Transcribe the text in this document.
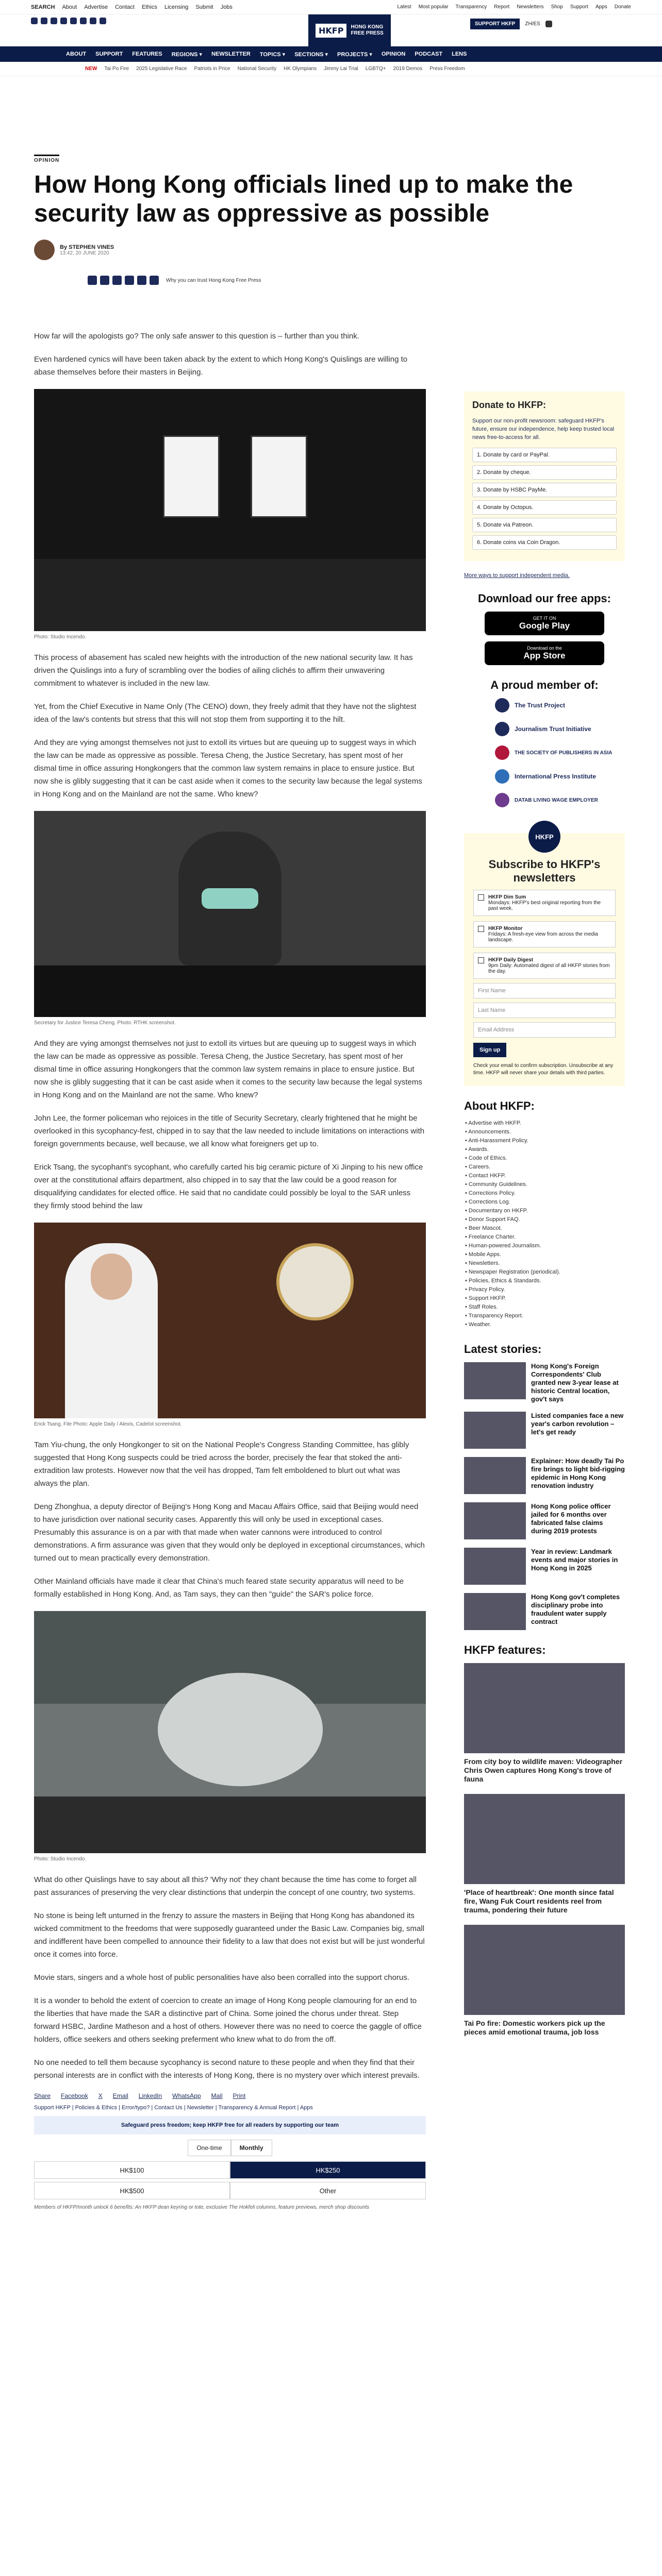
SEARCH About Advertise Contact Ethics Licensing Submit Jobs	Latest Most popular Transparency Report Newsletters Shop Support Apps Donate
HKFP	HONG KONG
FREE PRESS
SUPPORT HKFP	ZH/ES
ABOUT SUPPORT FEATURES REGIONS ▾ NEWSLETTER TOPICS ▾ SECTIONS ▾ PROJECTS ▾ OPINION PODCAST LENS
NEW Tai Po Fire 2025 Legislative Race Patriots in Price National Security HK Olympians Jimmy Lai Trial LGBTQ+ 2019 Demos Press Freedom
OPINION
How Hong Kong officials lined up to make the security law as oppressive as possible
By STEPHEN VINES
13:42, 20 JUNE 2020
Why you can trust Hong Kong Free Press

How far will the apologists go? The only safe answer to this question is – further than you think.

Even hardened cynics will have been taken aback by the extent to which Hong Kong's Quislings are willing to abase themselves before their masters in Beijing.

Photo: Studio Incendo.

This process of abasement has scaled new heights with the introduction of the new national security law. It has driven the Quislings into a fury of scrambling over the bodies of ailing clichés to affirm their unwavering commitment to whatever is included in the new law.

Yet, from the Chief Executive in Name Only (The CENO) down, they freely admit that they have not the slightest idea of the law's contents but stress that this will not stop them from supporting it to the hilt.

And they are vying amongst themselves not just to extoll its virtues but are queuing up to suggest ways in which the law can be made as oppressive as possible. Teresa Cheng, the Justice Secretary, has spent most of her dismal time in office assuring Hongkongers that the common law system remains in place to ensure justice. But now she is glibly suggesting that it can be cast aside when it comes to the security law because the legal systems in Hong Kong and on the Mainland are not the same. Who knew?

Secretary for Justice Teresa Cheng. Photo: RTHK screenshot.

And they are vying amongst themselves not just to extoll its virtues but are queuing up to suggest ways in which the law can be made as oppressive as possible. Teresa Cheng, the Justice Secretary, has spent most of her dismal time in office assuring Hongkongers that the common law system remains in place to ensure justice. But now she is glibly suggesting that it can be cast aside when it comes to the security law because the legal systems in Hong Kong and on the Mainland are not the same. Who knew?

John Lee, the former policeman who rejoices in the title of Security Secretary, clearly frightened that he might be overlooked in this sycophancy-fest, chipped in to say that the law needed to include limitations on interactions with foreign governments because, well because, we all know what foreigners get up to.

Erick Tsang, the sycophant's sycophant, who carefully carted his big ceramic picture of Xi Jinping to his new office over at the constitutional affairs department, also chipped in to say that the law could be a good reason for disqualifying candidates for elected office. He said that no candidate could possibly be loyal to the SAR unless they firmly stood behind the law

Erick Tsang. File Photo: Apple Daily / Alexis, Cadelot screenshot.

Tam Yiu-chung, the only Hongkonger to sit on the National People's Congress Standing Committee, has glibly suggested that Hong Kong suspects could be tried across the border, precisely the fear that stoked the anti-extradition law protests. However now that the veil has dropped, Tam felt emboldened to blurt out what was always the plan.

Deng Zhonghua, a deputy director of Beijing's Hong Kong and Macau Affairs Office, said that Beijing would need to have jurisdiction over national security cases. Apparently this will only be used in exceptional cases. Presumably this assurance is on a par with that made when water cannons were introduced to control demonstrations. A firm assurance was given that they would only be deployed in exceptional circumstances, which turned out to mean practically every demonstration.

Other Mainland officials have made it clear that China's much feared state security apparatus will need to be formally established in Hong Kong. And, as Tam says, they can then "guide" the SAR's police force.

Photo: Studio Incendo.

What do other Quislings have to say about all this? 'Why not' they chant because the time has come to forget all past assurances of preserving the very clear distinctions that underpin the concept of one country, two systems.

No stone is being left unturned in the frenzy to assure the masters in Beijing that Hong Kong has abandoned its wicked commitment to the freedoms that were supposedly guaranteed under the Basic Law. Companies big, small and indifferent have been compelled to announce their fidelity to a law that does not exist but will be just wonderful once it comes into force.

Movie stars, singers and a whole host of public personalities have also been corralled into the support chorus.

It is a wonder to behold the extent of coercion to create an image of Hong Kong people clamouring for an end to the liberties that have made the SAR a distinctive part of China. Some joined the chorus under threat. Step forward HSBC, Jardine Matheson and a host of others. However there was no need to coerce the gaggle of office holders, office seekers and others seeking preferment who knew what to do from the off.

No one needed to tell them because sycophancy is second nature to these people and when they find that their personal interests are in conflict with the interests of Hong Kong, there is no mystery over which interest prevails.

Share Facebook X Email LinkedIn WhatsApp Mail Print
Support HKFP | Policies & Ethics | Error/typo? | Contact Us | Newsletter | Transparency & Annual Report | Apps
Safeguard press freedom; keep HKFP free for all readers by supporting our team
One-time	Monthly
HK$100	HK$250
HK$500	Other
Members of HKFP/month unlock 6 benefits: An HKFP dean keyring or tote, exclusive The Hokfeli columns, feature previews, merch shop discounts
Donate to HKFP:
Support our non-profit newsroom: safeguard HKFP's future, ensure our independence, help keep trusted local news free-to-access for all.
1. Donate by card or PayPal.
2. Donate by cheque.
3. Donate by HSBC PayMe.
4. Donate by Octopus.
5. Donate via Patreon.
6. Donate coins via Coin Dragon.
More ways to support independent media.
Download our free apps:
GET IT ON
Google Play
Download on the
App Store
A proud member of:
The Trust Project
Journalism Trust Initiative
THE SOCIETY OF PUBLISHERS IN ASIA
International Press Institute
DATAB LIVING WAGE EMPLOYER
HKFP
Subscribe to HKFP's newsletters
HKFP Dim Sum
Mondays: HKFP's best original reporting from the past week.
HKFP Monitor
Fridays: A fresh-eye view from across the media landscape.
HKFP Daily Digest
9pm Daily: Automated digest of all HKFP stories from the day.
First Name
Last Name
Email Address
Sign up
Check your email to confirm subscription. Unsubscribe at any time. HKFP will never share your details with third parties.
About HKFP:
• Advertise with HKFP.
• Announcements.
• Anti-Harassment Policy.
• Awards.
• Code of Ethics.
• Careers.
• Contact HKFP.
• Community Guidelines.
• Corrections Policy.
• Corrections Log.
• Documentary on HKFP.
• Donor Support FAQ.
• Beer Mascot.
• Freelance Charter.
• Human-powered Journalism.
• Mobile Apps.
• Newsletters.
• Newspaper Registration (periodical).
• Policies, Ethics & Standards.
• Privacy Policy.
• Support HKFP.
• Staff Roles.
• Transparency Report.
• Weather.
Latest stories:
Hong Kong's Foreign Correspondents' Club granted new 3-year lease at historic Central location, gov't says
Listed companies face a new year's carbon revolution – let's get ready
Explainer: How deadly Tai Po fire brings to light bid-rigging epidemic in Hong Kong renovation industry
Hong Kong police officer jailed for 6 months over fabricated false claims during 2019 protests
Year in review: Landmark events and major stories in Hong Kong in 2025
Hong Kong gov't completes disciplinary probe into fraudulent water supply contract
HKFP features:
From city boy to wildlife maven: Videographer Chris Owen captures Hong Kong's trove of fauna
'Place of heartbreak': One month since fatal fire, Wang Fuk Court residents reel from trauma, pondering their future
Tai Po fire: Domestic workers pick up the pieces amid emotional trauma, job loss
